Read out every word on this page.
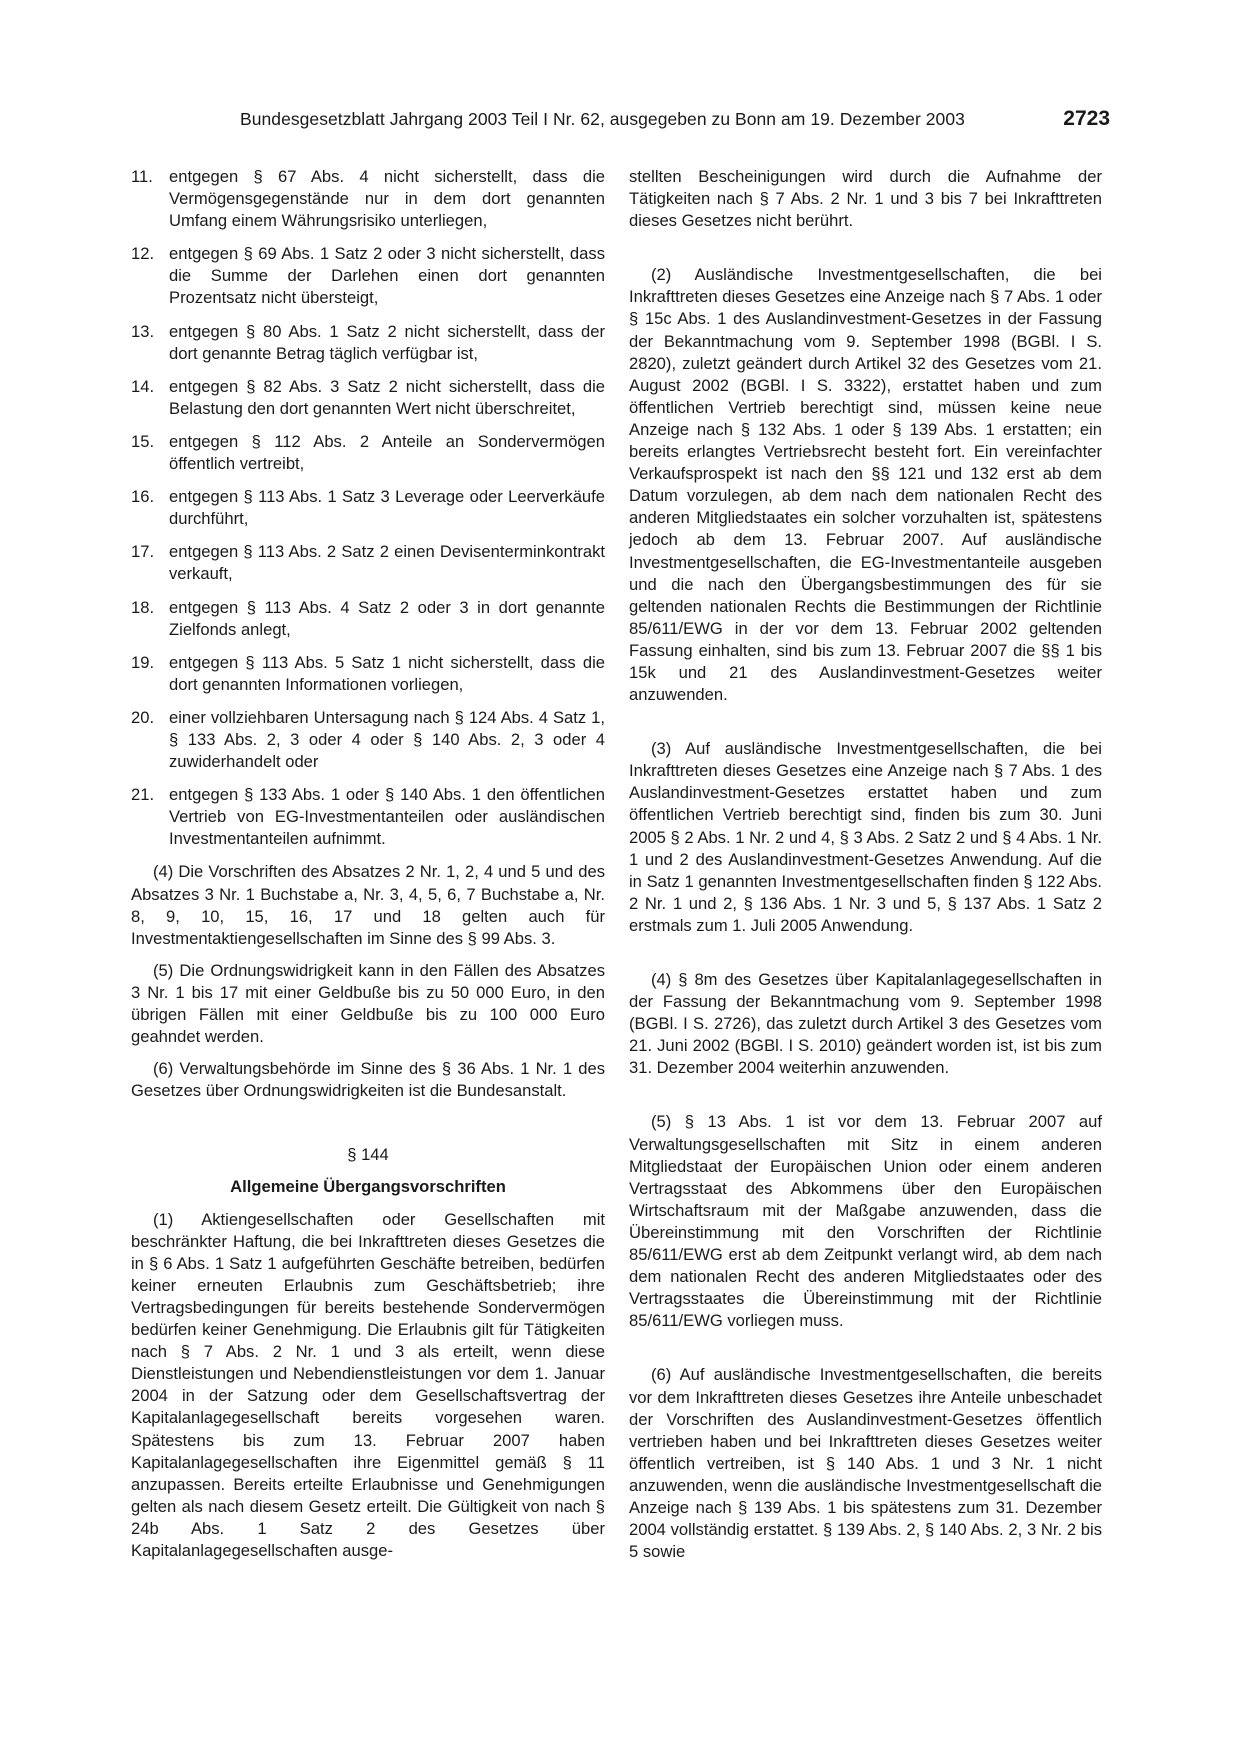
Bundesgesetzblatt Jahrgang 2003 Teil I Nr. 62, ausgegeben zu Bonn am 19. Dezember 2003	2723
11. entgegen § 67 Abs. 4 nicht sicherstellt, dass die Vermögensgegenstände nur in dem dort genannten Umfang einem Währungsrisiko unterliegen,
12. entgegen § 69 Abs. 1 Satz 2 oder 3 nicht sicherstellt, dass die Summe der Darlehen einen dort genannten Prozentsatz nicht übersteigt,
13. entgegen § 80 Abs. 1 Satz 2 nicht sicherstellt, dass der dort genannte Betrag täglich verfügbar ist,
14. entgegen § 82 Abs. 3 Satz 2 nicht sicherstellt, dass die Belastung den dort genannten Wert nicht überschreitet,
15. entgegen § 112 Abs. 2 Anteile an Sondervermögen öffentlich vertreibt,
16. entgegen § 113 Abs. 1 Satz 3 Leverage oder Leerverkäufe durchführt,
17. entgegen § 113 Abs. 2 Satz 2 einen Devisenterminkontrakt verkauft,
18. entgegen § 113 Abs. 4 Satz 2 oder 3 in dort genannte Zielfonds anlegt,
19. entgegen § 113 Abs. 5 Satz 1 nicht sicherstellt, dass die dort genannten Informationen vorliegen,
20. einer vollziehbaren Untersagung nach § 124 Abs. 4 Satz 1, § 133 Abs. 2, 3 oder 4 oder § 140 Abs. 2, 3 oder 4 zuwiderhandelt oder
21. entgegen § 133 Abs. 1 oder § 140 Abs. 1 den öffentlichen Vertrieb von EG-Investmentanteilen oder ausländischen Investmentanteilen aufnimmt.

(4) Die Vorschriften des Absatzes 2 Nr. 1, 2, 4 und 5 und des Absatzes 3 Nr. 1 Buchstabe a, Nr. 3, 4, 5, 6, 7 Buchstabe a, Nr. 8, 9, 10, 15, 16, 17 und 18 gelten auch für Investmentaktiengesellschaften im Sinne des § 99 Abs. 3.

(5) Die Ordnungswidrigkeit kann in den Fällen des Absatzes 3 Nr. 1 bis 17 mit einer Geldbuße bis zu 50 000 Euro, in den übrigen Fällen mit einer Geldbuße bis zu 100 000 Euro geahndet werden.

(6) Verwaltungsbehörde im Sinne des § 36 Abs. 1 Nr. 1 des Gesetzes über Ordnungswidrigkeiten ist die Bundesanstalt.

§ 144

Allgemeine Übergangsvorschriften

(1) Aktiengesellschaften oder Gesellschaften mit beschränkter Haftung, die bei Inkrafttreten dieses Gesetzes die in § 6 Abs. 1 Satz 1 aufgeführten Geschäfte betreiben, bedürfen keiner erneuten Erlaubnis zum Geschäftsbetrieb; ihre Vertragsbedingungen für bereits bestehende Sondervermögen bedürfen keiner Genehmigung. Die Erlaubnis gilt für Tätigkeiten nach § 7 Abs. 2 Nr. 1 und 3 als erteilt, wenn diese Dienstleistungen und Nebendienstleistungen vor dem 1. Januar 2004 in der Satzung oder dem Gesellschaftsvertrag der Kapitalanlagegesellschaft bereits vorgesehen waren. Spätestens bis zum 13. Februar 2007 haben Kapitalanlagegesellschaften ihre Eigenmittel gemäß § 11 anzupassen. Bereits erteilte Erlaubnisse und Genehmigungen gelten als nach diesem Gesetz erteilt. Die Gültigkeit von nach § 24b Abs. 1 Satz 2 des Gesetzes über Kapitalanlagegesellschaften ausge-

stellten Bescheinigungen wird durch die Aufnahme der Tätigkeiten nach § 7 Abs. 2 Nr. 1 und 3 bis 7 bei Inkrafttreten dieses Gesetzes nicht berührt.

(2) Ausländische Investmentgesellschaften, die bei Inkrafttreten dieses Gesetzes eine Anzeige nach § 7 Abs. 1 oder § 15c Abs. 1 des Auslandinvestment-Gesetzes in der Fassung der Bekanntmachung vom 9. September 1998 (BGBl. I S. 2820), zuletzt geändert durch Artikel 32 des Gesetzes vom 21. August 2002 (BGBl. I S. 3322), erstattet haben und zum öffentlichen Vertrieb berechtigt sind, müssen keine neue Anzeige nach § 132 Abs. 1 oder § 139 Abs. 1 erstatten; ein bereits erlangtes Vertriebsrecht besteht fort. Ein vereinfachter Verkaufsprospekt ist nach den §§ 121 und 132 erst ab dem Datum vorzulegen, ab dem nach dem nationalen Recht des anderen Mitgliedstaates ein solcher vorzuhalten ist, spätestens jedoch ab dem 13. Februar 2007. Auf ausländische Investmentgesellschaften, die EG-Investmentanteile ausgeben und die nach den Übergangsbestimmungen des für sie geltenden nationalen Rechts die Bestimmungen der Richtlinie 85/611/EWG in der vor dem 13. Februar 2002 geltenden Fassung einhalten, sind bis zum 13. Februar 2007 die §§ 1 bis 15k und 21 des Auslandinvestment-Gesetzes weiter anzuwenden.

(3) Auf ausländische Investmentgesellschaften, die bei Inkrafttreten dieses Gesetzes eine Anzeige nach § 7 Abs. 1 des Auslandinvestment-Gesetzes erstattet haben und zum öffentlichen Vertrieb berechtigt sind, finden bis zum 30. Juni 2005 § 2 Abs. 1 Nr. 2 und 4, § 3 Abs. 2 Satz 2 und § 4 Abs. 1 Nr. 1 und 2 des Auslandinvestment-Gesetzes Anwendung. Auf die in Satz 1 genannten Investmentgesellschaften finden § 122 Abs. 2 Nr. 1 und 2, § 136 Abs. 1 Nr. 3 und 5, § 137 Abs. 1 Satz 2 erstmals zum 1. Juli 2005 Anwendung.

(4) § 8m des Gesetzes über Kapitalanlagegesellschaften in der Fassung der Bekanntmachung vom 9. September 1998 (BGBl. I S. 2726), das zuletzt durch Artikel 3 des Gesetzes vom 21. Juni 2002 (BGBl. I S. 2010) geändert worden ist, ist bis zum 31. Dezember 2004 weiterhin anzuwenden.

(5) § 13 Abs. 1 ist vor dem 13. Februar 2007 auf Verwaltungsgesellschaften mit Sitz in einem anderen Mitgliedstaat der Europäischen Union oder einem anderen Vertragsstaat des Abkommens über den Europäischen Wirtschaftsraum mit der Maßgabe anzuwenden, dass die Übereinstimmung mit den Vorschriften der Richtlinie 85/611/EWG erst ab dem Zeitpunkt verlangt wird, ab dem nach dem nationalen Recht des anderen Mitgliedstaates oder des Vertragsstaates die Übereinstimmung mit der Richtlinie 85/611/EWG vorliegen muss.

(6) Auf ausländische Investmentgesellschaften, die bereits vor dem Inkrafttreten dieses Gesetzes ihre Anteile unbeschadet der Vorschriften des Auslandinvestment-Gesetzes öffentlich vertrieben haben und bei Inkrafttreten dieses Gesetzes weiter öffentlich vertreiben, ist § 140 Abs. 1 und 3 Nr. 1 nicht anzuwenden, wenn die ausländische Investmentgesellschaft die Anzeige nach § 139 Abs. 1 bis spätestens zum 31. Dezember 2004 vollständig erstattet. § 139 Abs. 2, § 140 Abs. 2, 3 Nr. 2 bis 5 sowie
